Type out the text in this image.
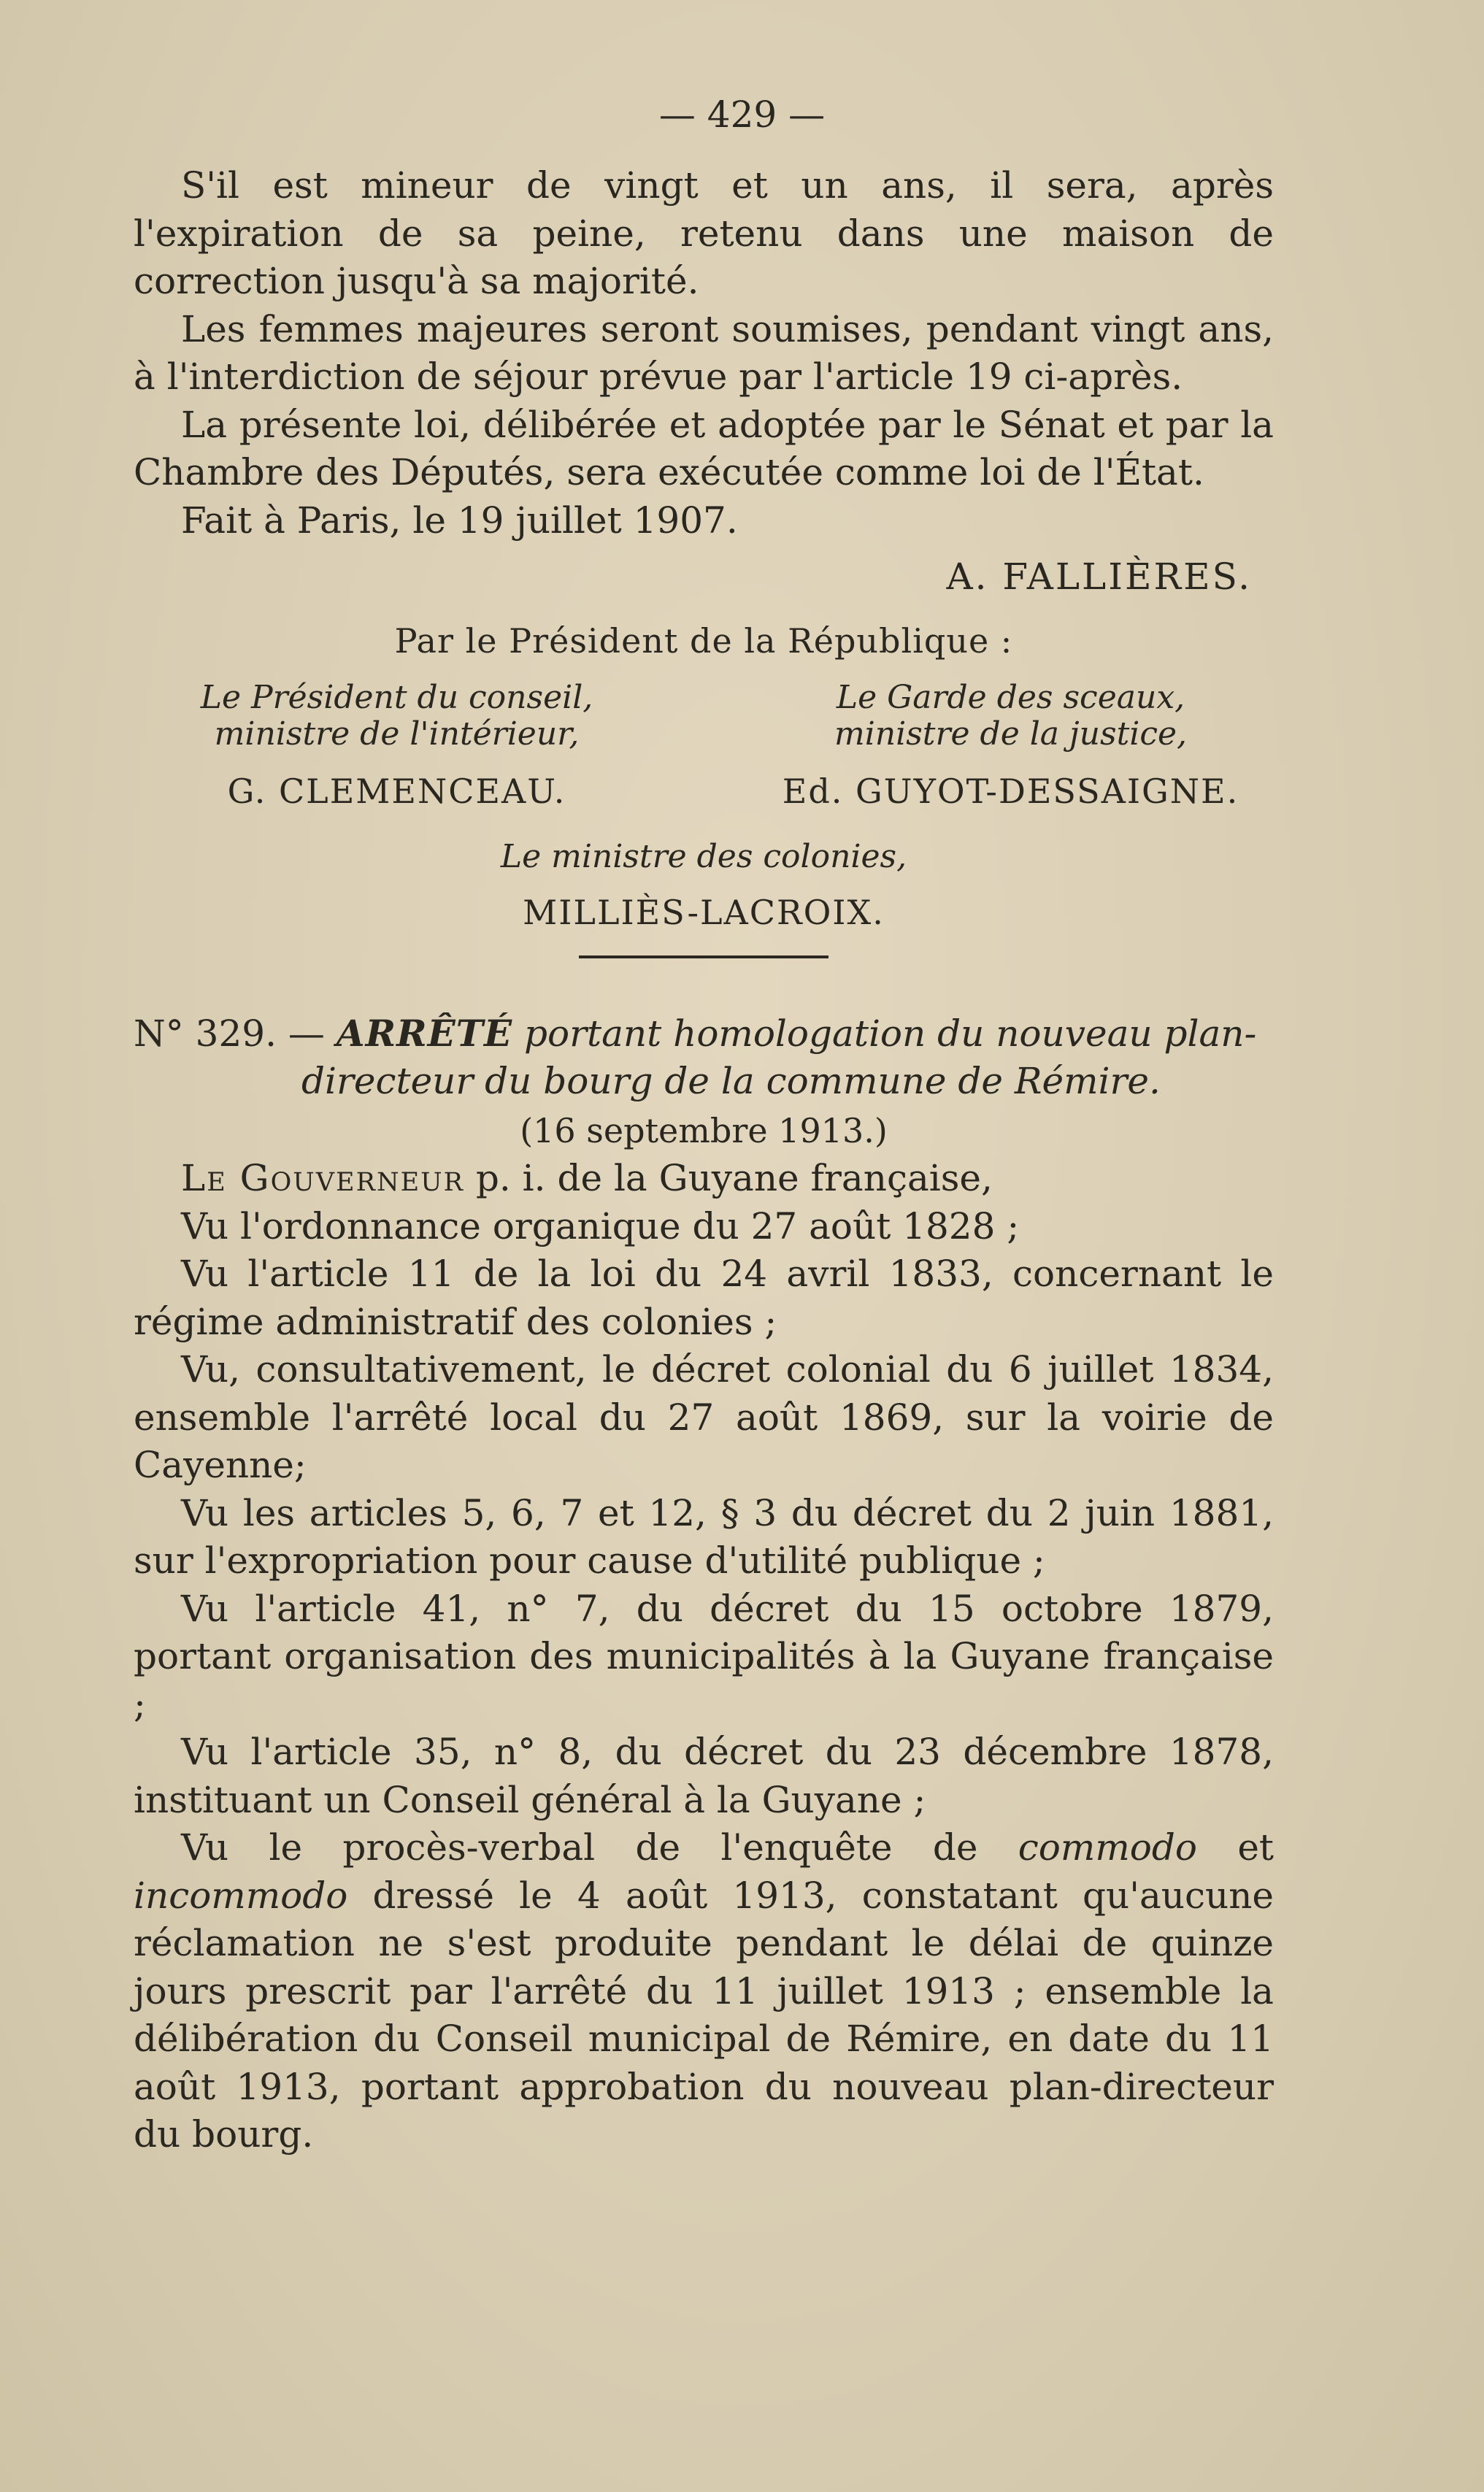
— 429 —

S'il est mineur de vingt et un ans, il sera, après l'expiration de sa peine, retenu dans une maison de correction jusqu'à sa majorité.

Les femmes majeures seront soumises, pendant vingt ans, à l'interdiction de séjour prévue par l'article 19 ci-après.

La présente loi, délibérée et adoptée par le Sénat et par la Chambre des Députés, sera exécutée comme loi de l'État.

Fait à Paris, le 19 juillet 1907.

A. FALLIÈRES.
Par le Président de la République :
Le Président du conseil,
ministre de l'intérieur,
G. CLEMENCEAU.
Le Garde des sceaux,
ministre de la justice,
Ed. GUYOT-DESSAIGNE.
Le ministre des colonies,
MILLIÈS-LACROIX.

N° 329. — ARRÊTÉ portant homologation du nouveau plan-

directeur du bourg de la commune de Rémire.

(16 septembre 1913.)

Le Gouverneur p. i. de la Guyane française,

Vu l'ordonnance organique du 27 août 1828 ;

Vu l'article 11 de la loi du 24 avril 1833, concernant le régime administratif des colonies ;

Vu, consultativement, le décret colonial du 6 juillet 1834, ensemble l'arrêté local du 27 août 1869, sur la voirie de Cayenne;

Vu les articles 5, 6, 7 et 12, § 3 du décret du 2 juin 1881, sur l'expropriation pour cause d'utilité publique ;

Vu l'article 41, n° 7, du décret du 15 octobre 1879, portant organisation des municipalités à la Guyane française ;

Vu l'article 35, n° 8, du décret du 23 décembre 1878, instituant un Conseil général à la Guyane ;

Vu le procès-verbal de l'enquête de commodo et incommodo dressé le 4 août 1913, constatant qu'aucune réclamation ne s'est produite pendant le délai de quinze jours prescrit par l'arrêté du 11 juillet 1913 ; ensemble la délibération du Conseil municipal de Rémire, en date du 11 août 1913, portant approbation du nouveau plan-directeur du bourg.
